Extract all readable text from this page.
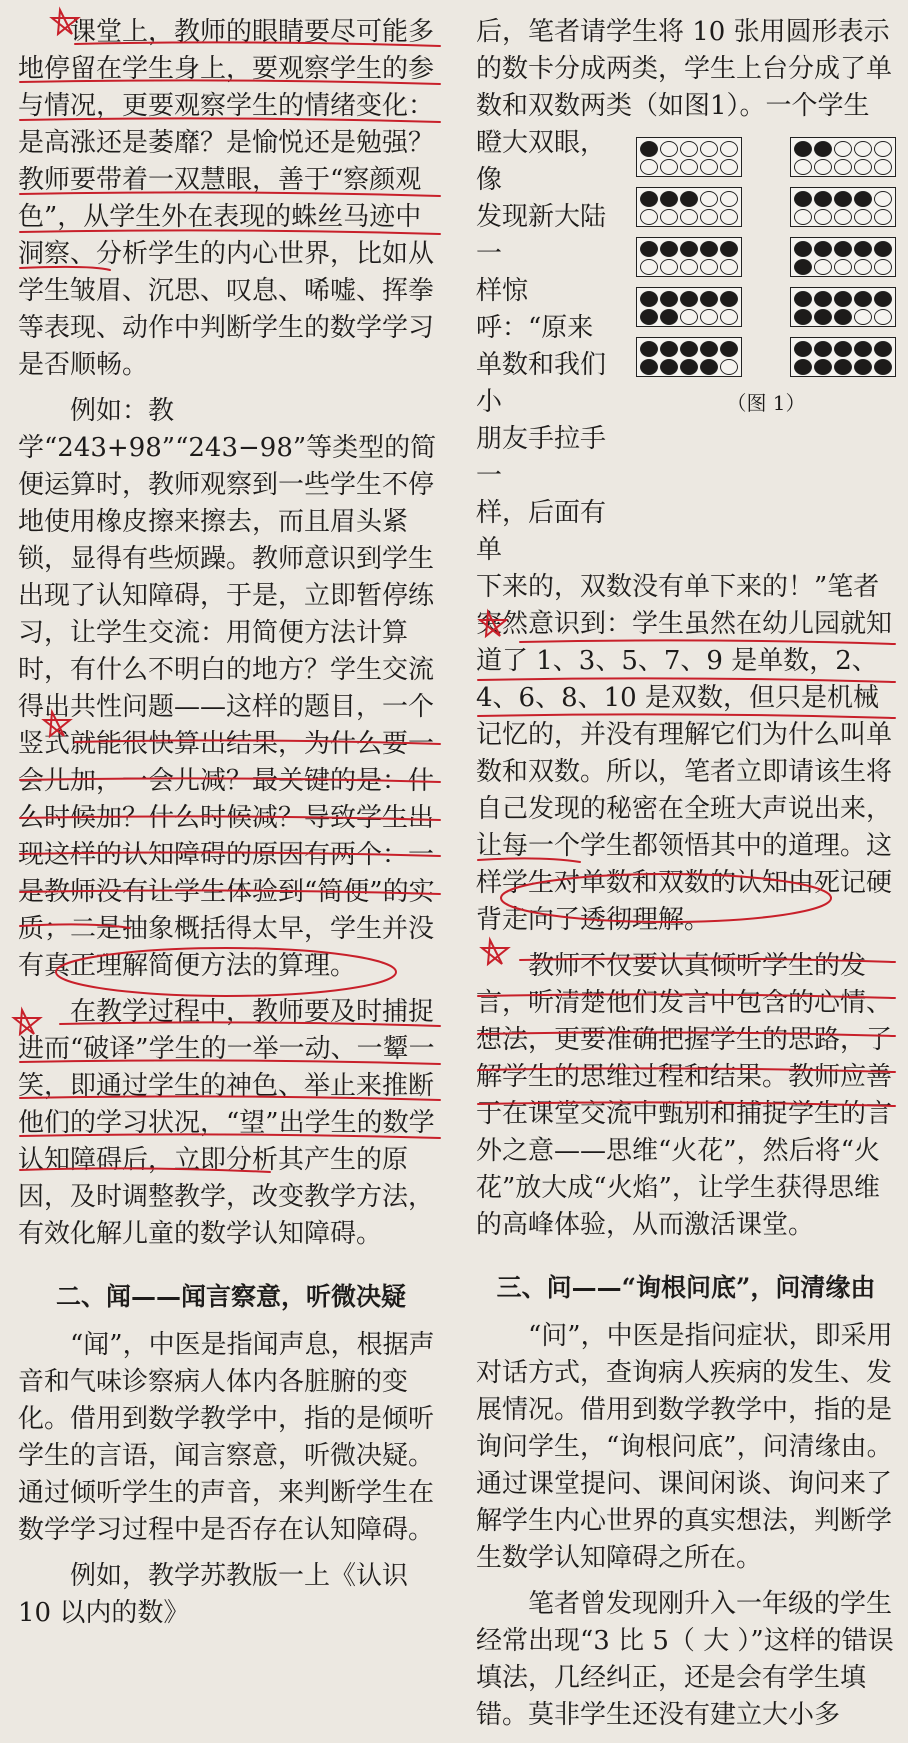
课堂上，教师的眼睛要尽可能多地停留在学生身上，要观察学生的参与情况，更要观察学生的情绪变化：是高涨还是萎靡？是愉悦还是勉强？教师要带着一双慧眼，善于“察颜观色”，从学生外在表现的蛛丝马迹中洞察、分析学生的内心世界，比如从学生皱眉、沉思、叹息、唏嘘、挥拳等表现、动作中判断学生的数学学习是否顺畅。

例如：教学“243+98”“243−98”等类型的简便运算时，教师观察到一些学生不停地使用橡皮擦来擦去，而且眉头紧锁，显得有些烦躁。教师意识到学生出现了认知障碍，于是，立即暂停练习，让学生交流：用简便方法计算时，有什么不明白的地方？学生交流得出共性问题——这样的题目，一个竖式就能很快算出结果，为什么要一会儿加，一会儿减？最关键的是：什么时候加？什么时候减？导致学生出现这样的认知障碍的原因有两个：一是教师没有让学生体验到“简便”的实质；二是抽象概括得太早，学生并没有真正理解简便方法的算理。

在教学过程中，教师要及时捕捉进而“破译”学生的一举一动、一颦一笑，即通过学生的神色、举止来推断他们的学习状况，“望”出学生的数学认知障碍后，立即分析其产生的原因，及时调整教学，改变教学方法，有效化解儿童的数学认知障碍。

二、闻——闻言察意，听微决疑

“闻”，中医是指闻声息，根据声音和气味诊察病人体内各脏腑的变化。借用到数学教学中，指的是倾听学生的言语，闻言察意，听微决疑。通过倾听学生的声音，来判断学生在数学学习过程中是否存在认知障碍。

例如，教学苏教版一上《认识 10 以内的数》

后，笔者请学生将 10 张用圆形表示的数卡分成两类，学生上台分成了单数和双数两类（如图1）。一个学生

瞪大双眼，像

发现新大陆一

样惊呼：“原来

单数和我们小

朋友手拉手一

样，后面有单

（图 1）

下来的，双数没有单下来的！”笔者突然意识到：学生虽然在幼儿园就知道了 1、3、5、7、9 是单数，2、4、6、8、10 是双数，但只是机械记忆的，并没有理解它们为什么叫单数和双数。所以，笔者立即请该生将自己发现的秘密在全班大声说出来，让每一个学生都领悟其中的道理。这样学生对单数和双数的认知由死记硬背走向了透彻理解。

教师不仅要认真倾听学生的发言，听清楚他们发言中包含的心情、想法，更要准确把握学生的思路，了解学生的思维过程和结果。教师应善于在课堂交流中甄别和捕捉学生的言外之意——思维“火花”，然后将“火花”放大成“火焰”，让学生获得思维的高峰体验，从而激活课堂。

三、问——“询根问底”，问清缘由

“问”，中医是指问症状，即采用对话方式，查询病人疾病的发生、发展情况。借用到数学教学中，指的是询问学生，“询根问底”，问清缘由。通过课堂提问、课间闲谈、询问来了解学生内心世界的真实想法，判断学生数学认知障碍之所在。

笔者曾发现刚升入一年级的学生经常出现“3 比 5（ 大 ）”这样的错误填法，几经纠正，还是会有学生填错。莫非学生还没有建立大小多
